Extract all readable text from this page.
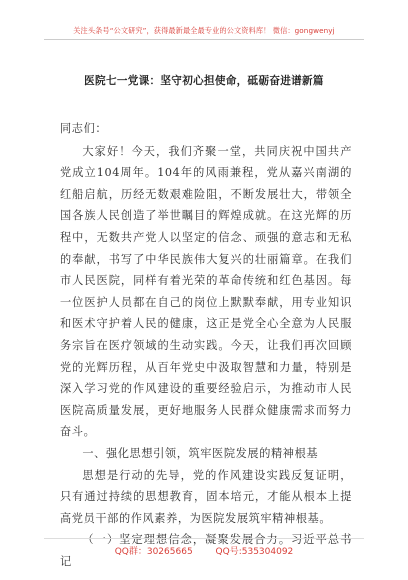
关注头条号“公文研究”，获得最新最全最专业的公文资料库！ 微信：gongwenyj
医院七一党课：坚守初心担使命，砥砺奋进谱新篇

同志们：

大家好！今天，我们齐聚一堂，共同庆祝中国共产党成立104周年。104年的风雨兼程，党从嘉兴南湖的红船启航，历经无数艰难险阻，不断发展壮大，带领全国各族人民创造了举世瞩目的辉煌成就。在这光辉的历程中，无数共产党人以坚定的信念、顽强的意志和无私的奉献，书写了中华民族伟大复兴的壮丽篇章。在我们市人民医院，同样有着光荣的革命传统和红色基因。每一位医护人员都在自己的岗位上默默奉献，用专业知识和医术守护着人民的健康，这正是党全心全意为人民服务宗旨在医疗领域的生动实践。今天，让我们再次回顾党的光辉历程，从百年党史中汲取智慧和力量，特别是深入学习党的作风建设的重要经验启示，为推动市人民医院高质量发展，更好地服务人民群众健康需求而努力奋斗。

一、强化思想引领，筑牢医院发展的精神根基

思想是行动的先导，党的作风建设实践反复证明，只有通过持续的思想教育，固本培元，才能从根本上提高党员干部的作风素养，为医院发展筑牢精神根基。

（一）坚定理想信念，凝聚发展合力。习近平总书记

QQ群：30265665	QQ号:535304092
